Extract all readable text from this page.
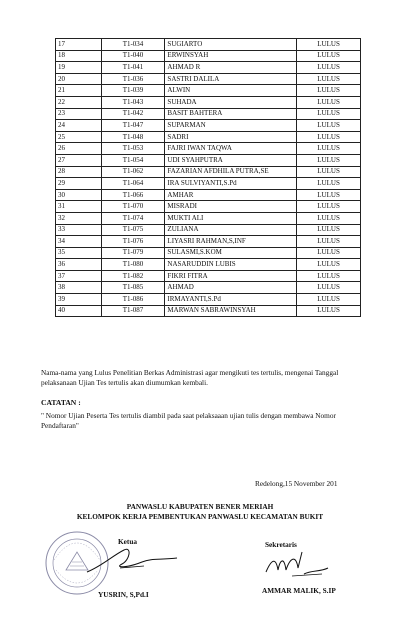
17	T1-034	SUGIARTO	LULUS
18	T1-040	ERWINSYAH	LULUS
19	T1-041	AHMAD R	LULUS
20	T1-036	SASTRI DALILA	LULUS
21	T1-039	ALWIN	LULUS
22	T1-043	SUHADA	LULUS
23	T1-042	BASIT BAHTERA	LULUS
24	T1-047	SUPARMAN	LULUS
25	T1-048	SADRI	LULUS
26	T1-053	FAJRI IWAN TAQWA	LULUS
27	T1-054	UDI SYAHPUTRA	LULUS
28	T1-062	FAZARIAN AFDHILA PUTRA,SE	LULUS
29	T1-064	IRA SULVIYANTI,S.Pd	LULUS
30	T1-066	AMHAR	LULUS
31	T1-070	MISRADI	LULUS
32	T1-074	MUKTI ALI	LULUS
33	T1-075	ZULIANA	LULUS
34	T1-076	LIYASRI RAHMAN,S,INF	LULUS
35	T1-079	SULASMI,S.KOM	LULUS
36	T1-080	NASARUDDIN LUBIS	LULUS
37	T1-082	FIKRI FITRA	LULUS
38	T1-085	AHMAD	LULUS
39	T1-086	IRMAYANTI,S.Pd	LULUS
40	T1-087	MARWAN SABRAWINSYAH	LULUS
Nama-nama yang Lulus Penelitian Berkas Administrasi agar mengikuti tes tertulis, mengenai Tanggal pelaksanaan Ujian Tes tertulis akan diumumkan kembali.
CATATAN :
" Nomor Ujian Peserta Tes tertulis diambil pada saat pelaksaaan ujian tulis dengan membawa Nomor Pendaftaran"
Redelong,15 November 201
PANWASLU KABUPATEN BENER MERIAH
KELOMPOK KERJA PEMBENTUKAN PANWASLU KECAMATAN BUKIT
Ketua	Sekretaris
YUSRIN, S,Pd.I	AMMAR MALIK, S.IP
